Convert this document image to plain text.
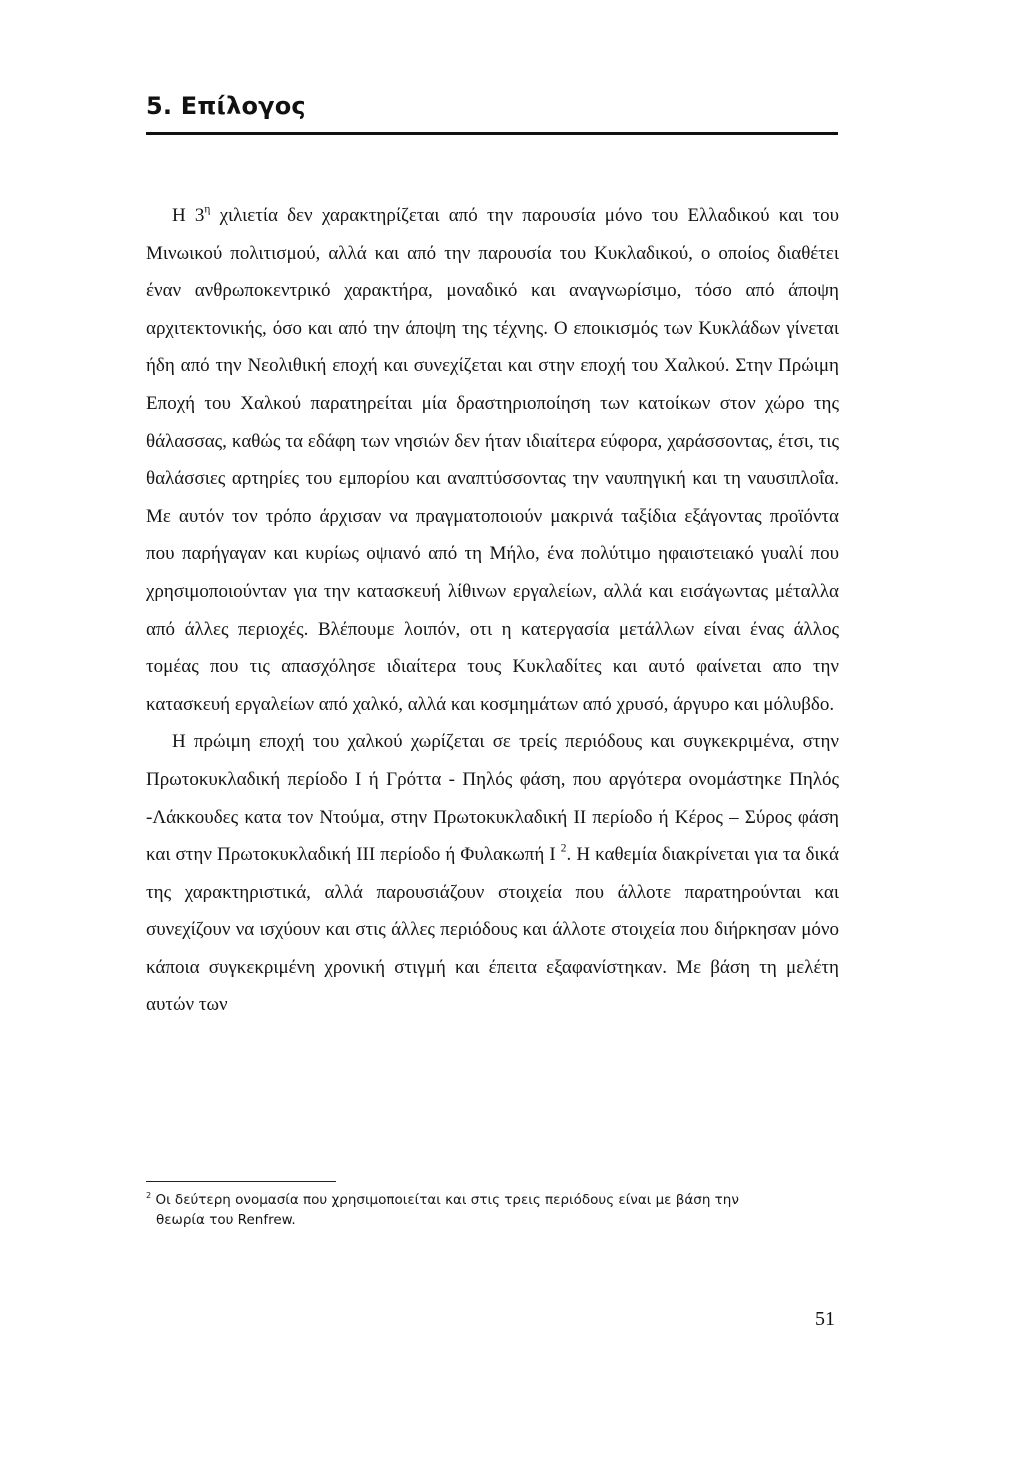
5. Επίλογος

Η $3^\eta$ χιλιετία δεν χαρακτηρίζεται από την παρουσία μόνο του Ελλαδικού και του Μινωικού πολιτισμού, αλλά και από την παρουσία του Κυκλαδικού, ο οποίος διαθέτει έναν ανθρωποκεντρικό χαρακτήρα, μοναδικό και αναγνωρίσιμο, τόσο από άποψη αρχιτεκτονικής, όσο και από την άποψη της τέχνης. Ο εποικισμός των Κυκλάδων γίνεται ήδη από την Νεολιθική εποχή και συνεχίζεται και στην εποχή του Χαλκού. Στην Πρώιμη Εποχή του Χαλκού παρατηρείται μία δραστηριοποίηση των κατοίκων στον χώρο της θάλασσας, καθώς τα εδάφη των νησιών δεν ήταν ιδιαίτερα εύφορα, χαράσσοντας, έτσι, τις θαλάσσιες αρτηρίες του εμπορίου και αναπτύσσοντας την ναυπηγική και τη ναυσιπλοΐα. Με αυτόν τον τρόπο άρχισαν να πραγματοποιούν μακρινά ταξίδια εξάγοντας προϊόντα που παρήγαγαν και κυρίως οψιανό από τη Μήλο, ένα πολύτιμο ηφαιστειακό γυαλί που χρησιμοποιούνταν για την κατασκευή λίθινων εργαλείων, αλλά και εισάγωντας μέταλλα από άλλες περιοχές. Βλέπουμε λοιπόν, οτι η κατεργασία μετάλλων είναι ένας άλλος τομέας που τις απασχόλησε ιδιαίτερα τους Κυκλαδίτες και αυτό φαίνεται απο την κατασκευή εργαλείων από χαλκό, αλλά και κοσμημάτων από χρυσό, άργυρο και μόλυβδο.

Η πρώιμη εποχή του χαλκού χωρίζεται σε τρείς περιόδους και συγκεκριμένα, στην Πρωτοκυκλαδική περίοδο I ή Γρόττα - Πηλός φάση, που αργότερα ονομάστηκε Πηλός -Λάκκουδες κατα τον Ντούμα, στην Πρωτοκυκλαδική II περίοδο ή Κέρος – Σύρος φάση και στην Πρωτοκυκλαδική III περίοδο ή Φυλακωπή I $^2$. Η καθεμία διακρίνεται για τα δικά της χαρακτηριστικά, αλλά παρουσιάζουν στοιχεία που άλλοτε παρατηρούνται και συνεχίζουν να ισχύουν και στις άλλες περιόδους και άλλοτε στοιχεία που διήρκησαν μόνο κάποια συγκεκριμένη χρονική στιγμή και έπειτα εξαφανίστηκαν. Με βάση τη μελέτη αυτών των

$^2$ Οι δεύτερη ονομασία που χρησιμοποιείται και στις τρεις περιόδους είναι με βάση την
θεωρία του Renfrew.
51
